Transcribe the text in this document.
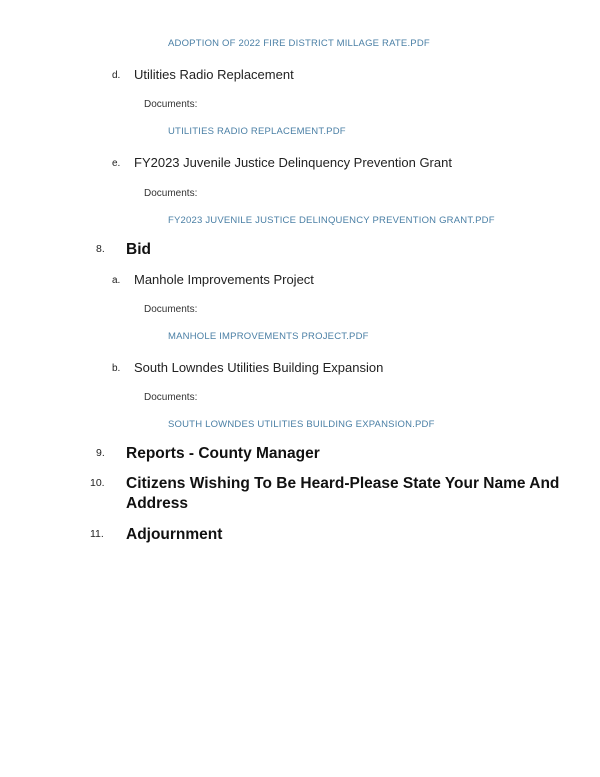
ADOPTION OF 2022 FIRE DISTRICT MILLAGE RATE.PDF
d. Utilities Radio Replacement
Documents:
UTILITIES RADIO REPLACEMENT.PDF
e. FY2023 Juvenile Justice Delinquency Prevention Grant
Documents:
FY2023 JUVENILE JUSTICE DELINQUENCY PREVENTION GRANT.PDF
8. Bid
a. Manhole Improvements Project
Documents:
MANHOLE IMPROVEMENTS PROJECT.PDF
b. South Lowndes Utilities Building Expansion
Documents:
SOUTH LOWNDES UTILITIES BUILDING EXPANSION.PDF
9. Reports - County Manager
10. Citizens Wishing To Be Heard-Please State Your Name And Address
11. Adjournment
